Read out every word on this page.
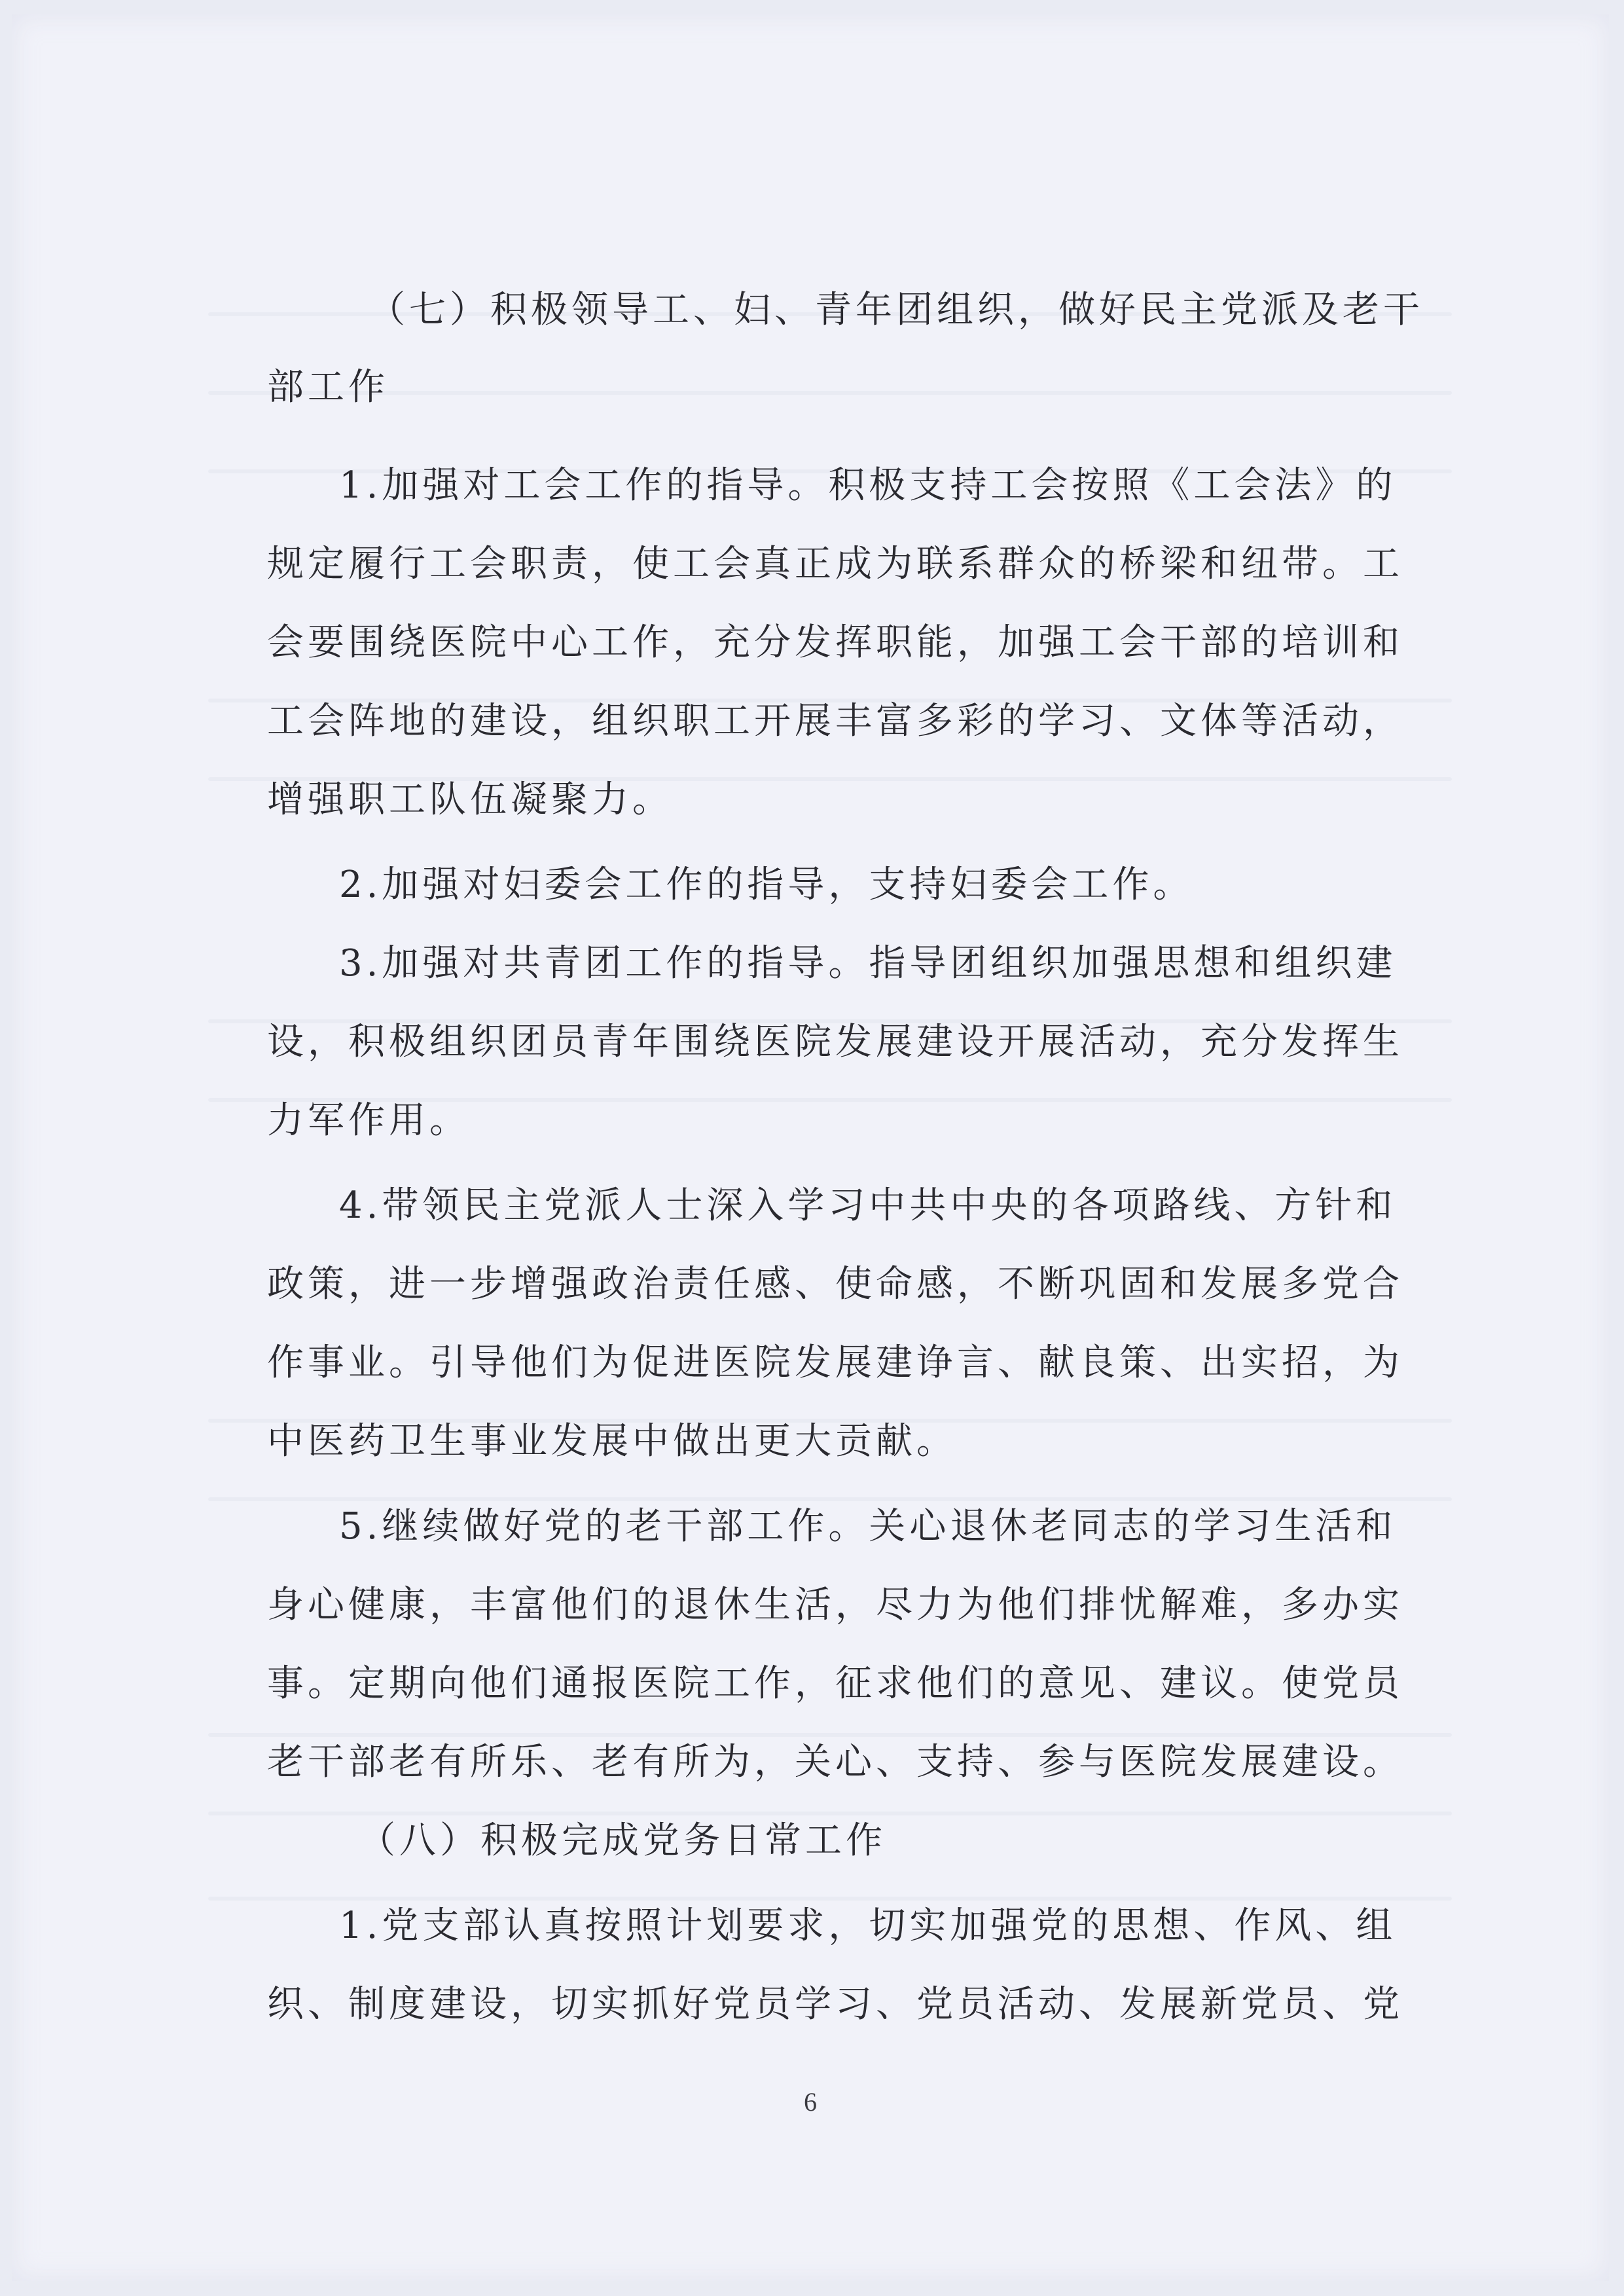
（七）积极领导工、妇、青年团组织，做好民主党派及老干
部工作
1.加强对工会工作的指导。积极支持工会按照《工会法》的
规定履行工会职责，使工会真正成为联系群众的桥梁和纽带。工
会要围绕医院中心工作，充分发挥职能，加强工会干部的培训和
工会阵地的建设，组织职工开展丰富多彩的学习、文体等活动，
增强职工队伍凝聚力。
2.加强对妇委会工作的指导，支持妇委会工作。
3.加强对共青团工作的指导。指导团组织加强思想和组织建
设，积极组织团员青年围绕医院发展建设开展活动，充分发挥生
力军作用。
4.带领民主党派人士深入学习中共中央的各项路线、方针和
政策，进一步增强政治责任感、使命感，不断巩固和发展多党合
作事业。引导他们为促进医院发展建诤言、献良策、出实招，为
中医药卫生事业发展中做出更大贡献。
5.继续做好党的老干部工作。关心退休老同志的学习生活和
身心健康，丰富他们的退休生活，尽力为他们排忧解难，多办实
事。定期向他们通报医院工作，征求他们的意见、建议。使党员
老干部老有所乐、老有所为，关心、支持、参与医院发展建设。
（八）积极完成党务日常工作
1.党支部认真按照计划要求，切实加强党的思想、作风、组
织、制度建设，切实抓好党员学习、党员活动、发展新党员、党
6
